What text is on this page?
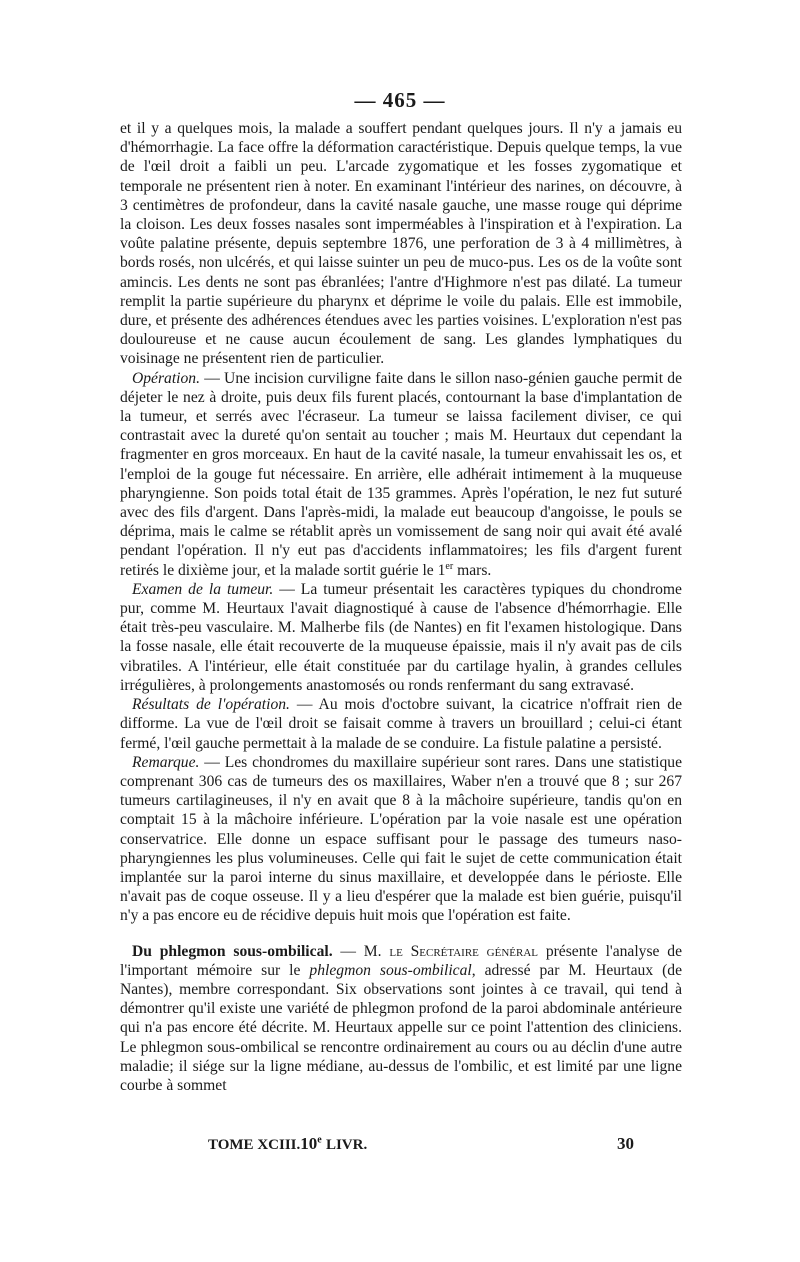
— 465 —

et il y a quelques mois, la malade a souffert pendant quelques jours. Il n'y a jamais eu d'hémorrhagie. La face offre la déformation caractéristique. Depuis quelque temps, la vue de l'œil droit a faibli un peu. L'arcade zygomatique et les fosses zygomatique et temporale ne présentent rien à noter. En examinant l'intérieur des narines, on découvre, à 3 centimètres de profondeur, dans la cavité nasale gauche, une masse rouge qui déprime la cloison. Les deux fosses nasales sont imperméables à l'inspiration et à l'expiration. La voûte palatine présente, depuis septembre 1876, une perforation de 3 à 4 millimètres, à bords rosés, non ulcérés, et qui laisse suinter un peu de muco-pus. Les os de la voûte sont amincis. Les dents ne sont pas ébranlées; l'antre d'Highmore n'est pas dilaté. La tumeur remplit la partie supérieure du pharynx et déprime le voile du palais. Elle est immobile, dure, et présente des adhérences étendues avec les parties voisines. L'exploration n'est pas douloureuse et ne cause aucun écoulement de sang. Les glandes lymphatiques du voisinage ne présentent rien de particulier.

Opération. — Une incision curviligne faite dans le sillon naso-génien gauche permit de déjeter le nez à droite, puis deux fils furent placés, contournant la base d'implantation de la tumeur, et serrés avec l'écraseur. La tumeur se laissa facilement diviser, ce qui contrastait avec la dureté qu'on sentait au toucher ; mais M. Heurtaux dut cependant la fragmenter en gros morceaux. En haut de la cavité nasale, la tumeur envahissait les os, et l'emploi de la gouge fut nécessaire. En arrière, elle adhérait intimement à la muqueuse pharyngienne. Son poids total était de 135 grammes. Après l'opération, le nez fut suturé avec des fils d'argent. Dans l'après-midi, la malade eut beaucoup d'angoisse, le pouls se déprima, mais le calme se rétablit après un vomissement de sang noir qui avait été avalé pendant l'opération. Il n'y eut pas d'accidents inflammatoires; les fils d'argent furent retirés le dixième jour, et la malade sortit guérie le 1er mars.

Examen de la tumeur. — La tumeur présentait les caractères typiques du chondrome pur, comme M. Heurtaux l'avait diagnostiqué à cause de l'absence d'hémorrhagie. Elle était très-peu vasculaire. M. Malherbe fils (de Nantes) en fit l'examen histologique. Dans la fosse nasale, elle était recouverte de la muqueuse épaissie, mais il n'y avait pas de cils vibratiles. A l'intérieur, elle était constituée par du cartilage hyalin, à grandes cellules irrégulières, à prolongements anastomosés ou ronds renfermant du sang extravasé.

Résultats de l'opération. — Au mois d'octobre suivant, la cicatrice n'offrait rien de difforme. La vue de l'œil droit se faisait comme à travers un brouillard ; celui-ci étant fermé, l'œil gauche permettait à la malade de se conduire. La fistule palatine a persisté.

Remarque. — Les chondromes du maxillaire supérieur sont rares. Dans une statistique comprenant 306 cas de tumeurs des os maxillaires, Waber n'en a trouvé que 8 ; sur 267 tumeurs cartilagineuses, il n'y en avait que 8 à la mâchoire supérieure, tandis qu'on en comptait 15 à la mâchoire inférieure. L'opération par la voie nasale est une opération conservatrice. Elle donne un espace suffisant pour le passage des tumeurs naso-pharyngiennes les plus volumineuses. Celle qui fait le sujet de cette communication était implantée sur la paroi interne du sinus maxillaire, et developpée dans le périoste. Elle n'avait pas de coque osseuse. Il y a lieu d'espérer que la malade est bien guérie, puisqu'il n'y a pas encore eu de récidive depuis huit mois que l'opération est faite.

Du phlegmon sous-ombilical. — M. le Secrétaire général présente l'analyse de l'important mémoire sur le phlegmon sous-ombilical, adressé par M. Heurtaux (de Nantes), membre correspondant. Six observations sont jointes à ce travail, qui tend à démontrer qu'il existe une variété de phlegmon profond de la paroi abdominale antérieure qui n'a pas encore été décrite. M. Heurtaux appelle sur ce point l'attention des cliniciens. Le phlegmon sous-ombilical se rencontre ordinairement au cours ou au déclin d'une autre maladie; il siége sur la ligne médiane, au-dessus de l'ombilic, et est limité par une ligne courbe à sommet

TOME XCIII. 10e LIVR.	30
